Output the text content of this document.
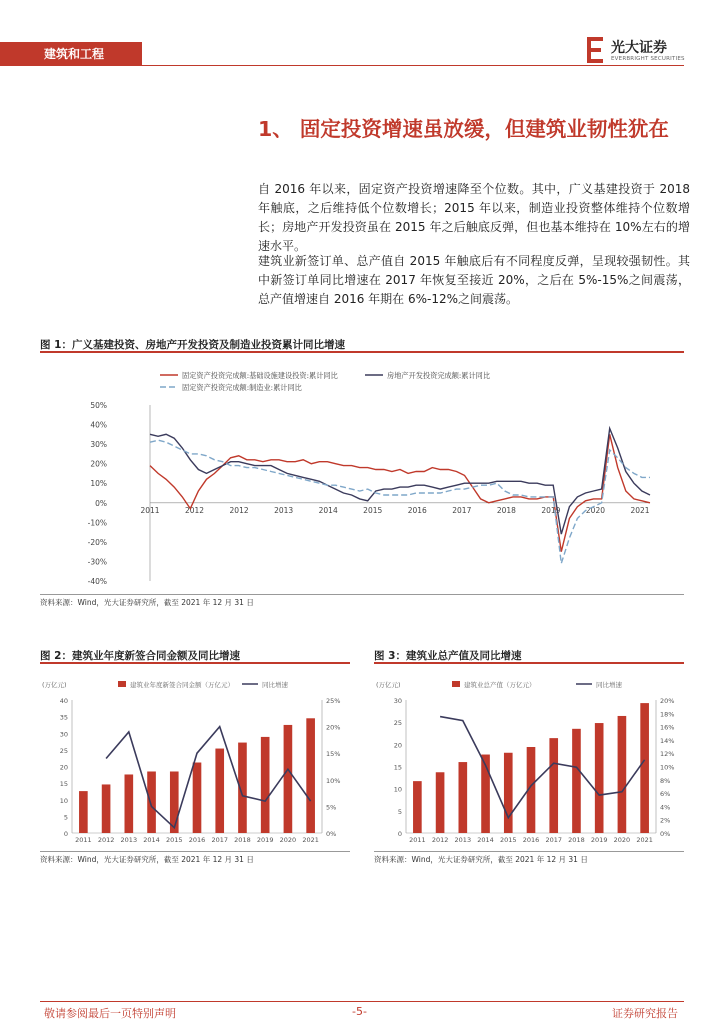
建筑和工程	光大证券
EVERBRIGHT SECURITIES
1、 固定投资增速虽放缓，但建筑业韧性犹在
自 2016 年以来，固定资产投资增速降至个位数。其中，广义基建投资于 2018 年触底，之后维持低个位数增长；2015 年以来，制造业投资整体维持个位数增长；房地产开发投资虽在 2015 年之后触底反弹，但也基本维持在 10%左右的增速水平。
建筑业新签订单、总产值自 2015 年触底后有不同程度反弹，呈现较强韧性。其中新签订单同比增速在 2017 年恢复至接近 20%，之后在 5%-15%之间震荡，总产值增速自 2016 年期在 6%-12%之间震荡。
图 1：广义基建投资、房地产开发投资及制造业投资累计同比增速
固定资产投资完成额:基础设施建设投资:累计同比	房地产开发投资完成额:累计同比
固定资产投资完成额:制造业:累计同比
50%
40%
30%
20%
10%
0%
-10%
-20%
-30%
-40%
2011	2012	2012	2013	2014	2015	2016	2017	2018	2019	2020	2021
资料来源：Wind，光大证券研究所，截至 2021 年 12 月 31 日
图 2：建筑业年度新签合同金额及同比增速
(万亿元)	建筑业年度新签合同金额（万亿元）	同比增速
40
35
30
25
20
15
10
5
0
25%
20%
15%
10%
5%
0%
2011 2012 2013 2014 2015 2016 2017 2018 2019 2020 2021
资料来源：Wind，光大证券研究所，截至 2021 年 12 月 31 日
图 3：建筑业总产值及同比增速
(万亿元)	建筑业总产值（万亿元）	同比增速
30
25
20
15
10
5
0
20%
18%
16%
14%
12%
10%
8%
6%
4%
2%
0%
2011 2012 2013 2014 2015 2016 2017 2018 2019 2020 2021
资料来源：Wind，光大证券研究所，截至 2021 年 12 月 31 日
敬请参阅最后一页特别声明	-5-	证券研究报告
